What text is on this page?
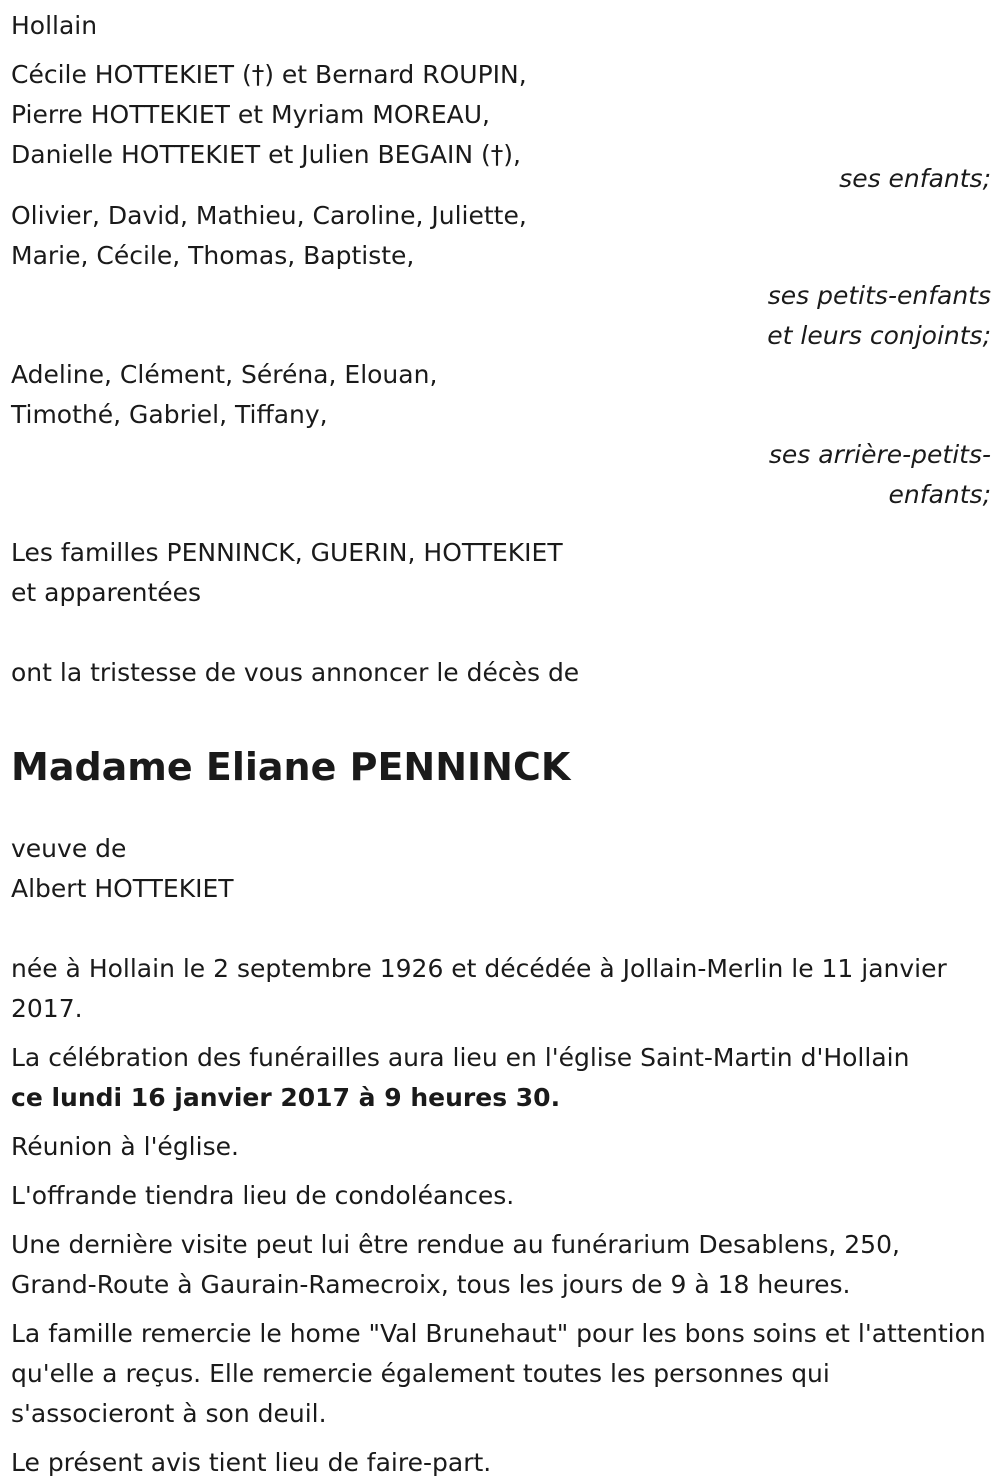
Hollain
Cécile HOTTEKIET (†) et Bernard ROUPIN,
Pierre HOTTEKIET et Myriam MOREAU,
Danielle HOTTEKIET et Julien BEGAIN (†),
ses enfants;
Olivier, David, Mathieu, Caroline, Juliette,
Marie, Cécile, Thomas, Baptiste,
ses petits-enfants
et leurs conjoints;
Adeline, Clément, Séréna, Elouan,
Timothé, Gabriel, Tiffany,
ses arrière-petits-
enfants;
Les familles PENNINCK, GUERIN, HOTTEKIET
et apparentées
ont la tristesse de vous annoncer le décès de
Madame Eliane PENNINCK
veuve de
Albert HOTTEKIET

née à Hollain le 2 septembre 1926 et décédée à Jollain-Merlin le 11 janvier 2017.

La célébration des funérailles aura lieu en l'église Saint-Martin d'Hollain

ce lundi 16 janvier 2017 à 9 heures 30.

Réunion à l'église.

L'offrande tiendra lieu de condoléances.

Une dernière visite peut lui être rendue au funérarium Desablens, 250, Grand-Route à Gaurain-Ramecroix, tous les jours de 9 à 18 heures.

La famille remercie le home "Val Brunehaut" pour les bons soins et l'attention qu'elle a reçus. Elle remercie également toutes les personnes qui s'associeront à son deuil.

Le présent avis tient lieu de faire-part.
